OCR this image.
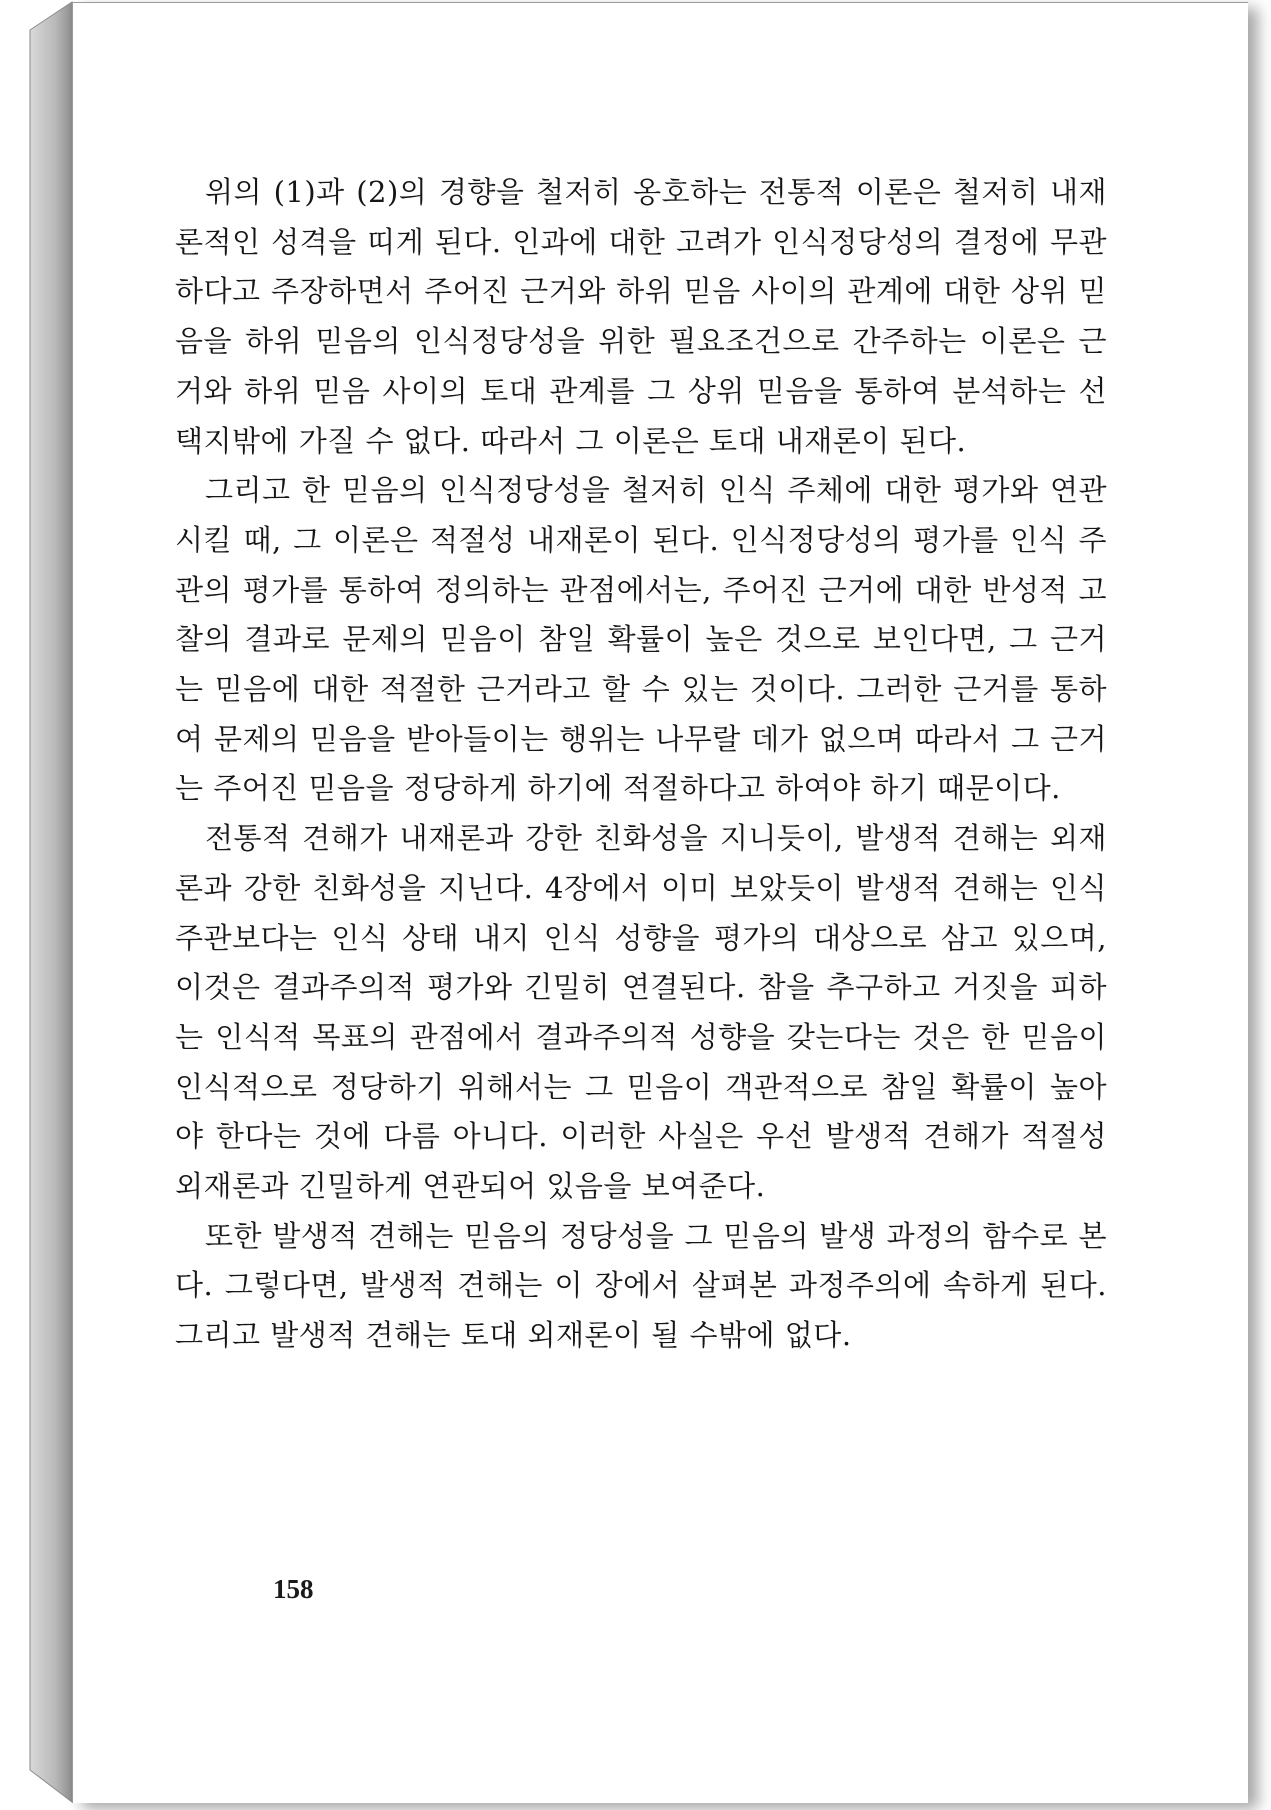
위의 (1)과 (2)의 경향을 철저히 옹호하는 전통적 이론은 철저히 내재론적인 성격을 띠게 된다. 인과에 대한 고려가 인식정당성의 결정에 무관하다고 주장하면서 주어진 근거와 하위 믿음 사이의 관계에 대한 상위 믿음을 하위 믿음의 인식정당성을 위한 필요조건으로 간주하는 이론은 근거와 하위 믿음 사이의 토대 관계를 그 상위 믿음을 통하여 분석하는 선택지밖에 가질 수 없다. 따라서 그 이론은 토대 내재론이 된다.

그리고 한 믿음의 인식정당성을 철저히 인식 주체에 대한 평가와 연관시킬 때, 그 이론은 적절성 내재론이 된다. 인식정당성의 평가를 인식 주관의 평가를 통하여 정의하는 관점에서는, 주어진 근거에 대한 반성적 고찰의 결과로 문제의 믿음이 참일 확률이 높은 것으로 보인다면, 그 근거는 믿음에 대한 적절한 근거라고 할 수 있는 것이다. 그러한 근거를 통하여 문제의 믿음을 받아들이는 행위는 나무랄 데가 없으며 따라서 그 근거는 주어진 믿음을 정당하게 하기에 적절하다고 하여야 하기 때문이다.

전통적 견해가 내재론과 강한 친화성을 지니듯이, 발생적 견해는 외재론과 강한 친화성을 지닌다. 4장에서 이미 보았듯이 발생적 견해는 인식 주관보다는 인식 상태 내지 인식 성향을 평가의 대상으로 삼고 있으며, 이것은 결과주의적 평가와 긴밀히 연결된다. 참을 추구하고 거짓을 피하는 인식적 목표의 관점에서 결과주의적 성향을 갖는다는 것은 한 믿음이 인식적으로 정당하기 위해서는 그 믿음이 객관적으로 참일 확률이 높아야 한다는 것에 다름 아니다. 이러한 사실은 우선 발생적 견해가 적절성 외재론과 긴밀하게 연관되어 있음을 보여준다.

또한 발생적 견해는 믿음의 정당성을 그 믿음의 발생 과정의 함수로 본다. 그렇다면, 발생적 견해는 이 장에서 살펴본 과정주의에 속하게 된다. 그리고 발생적 견해는 토대 외재론이 될 수밖에 없다.

158
